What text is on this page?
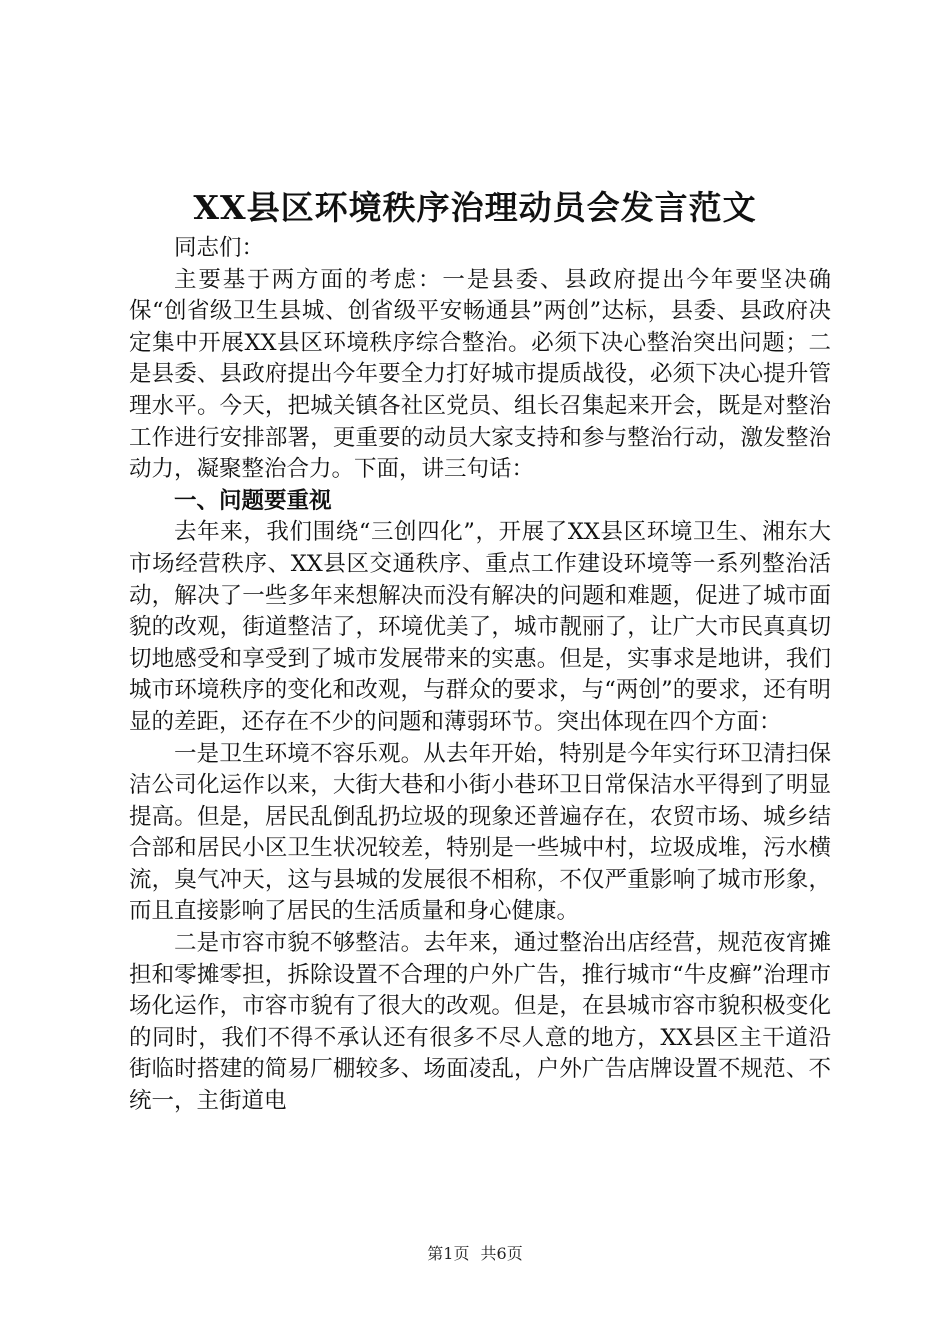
XX县区环境秩序治理动员会发言范文

同志们：

主要基于两方面的考虑：一是县委、县政府提出今年要坚决确保“创省级卫生县城、创省级平安畅通县”两创”达标，县委、县政府决定集中开展XX县区环境秩序综合整治。必须下决心整治突出问题；二是县委、县政府提出今年要全力打好城市提质战役，必须下决心提升管理水平。今天，把城关镇各社区党员、组长召集起来开会，既是对整治工作进行安排部署，更重要的动员大家支持和参与整治行动，激发整治动力，凝聚整治合力。下面，讲三句话：

一、问题要重视

去年来，我们围绕“三创四化”，开展了XX县区环境卫生、湘东大市场经营秩序、XX县区交通秩序、重点工作建设环境等一系列整治活动，解决了一些多年来想解决而没有解决的问题和难题，促进了城市面貌的改观，街道整洁了，环境优美了，城市靓丽了，让广大市民真真切切地感受和享受到了城市发展带来的实惠。但是，实事求是地讲，我们城市环境秩序的变化和改观，与群众的要求，与“两创”的要求，还有明显的差距，还存在不少的问题和薄弱环节。突出体现在四个方面：

一是卫生环境不容乐观。从去年开始，特别是今年实行环卫清扫保洁公司化运作以来，大街大巷和小街小巷环卫日常保洁水平得到了明显提高。但是，居民乱倒乱扔垃圾的现象还普遍存在，农贸市场、城乡结合部和居民小区卫生状况较差，特别是一些城中村，垃圾成堆，污水横流，臭气冲天，这与县城的发展很不相称，不仅严重影响了城市形象，而且直接影响了居民的生活质量和身心健康。

二是市容市貌不够整洁。去年来，通过整治出店经营，规范夜宵摊担和零摊零担，拆除设置不合理的户外广告，推行城市“牛皮癣”治理市场化运作，市容市貌有了很大的改观。但是，在县城市容市貌积极变化的同时，我们不得不承认还有很多不尽人意的地方，XX县区主干道沿街临时搭建的简易厂棚较多、场面凌乱，户外广告店牌设置不规范、不统一，主街道电

第1页 共6页
